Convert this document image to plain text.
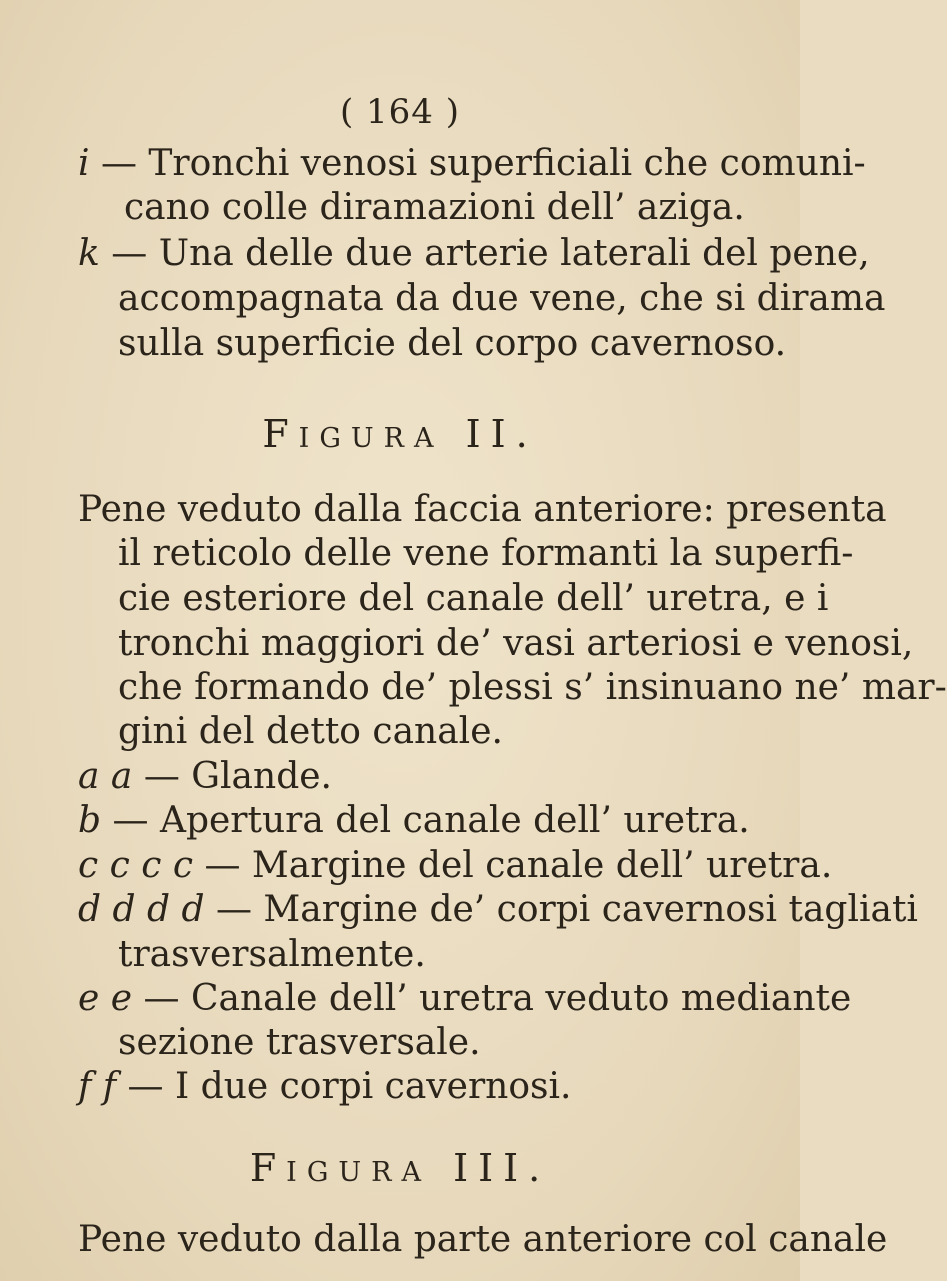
( 164 )
i — Tronchi venosi superficiali che comuni-
cano colle diramazioni dell’ aziga.
k — Una delle due arterie laterali del pene,
accompagnata da due vene, che si dirama
sulla superficie del corpo cavernoso.
Figura II.
Pene veduto dalla faccia anteriore: presenta
il reticolo delle vene formanti la superfi-
cie esteriore del canale dell’ uretra, e i
tronchi maggiori de’ vasi arteriosi e venosi,
che formando de’ plessi s’ insinuano ne’ mar-
gini del detto canale.
a a — Glande.
b — Apertura del canale dell’ uretra.
c c c c — Margine del canale dell’ uretra.
d d d d — Margine de’ corpi cavernosi tagliati
trasversalmente.
e e — Canale dell’ uretra veduto mediante
sezione trasversale.
f f — I due corpi cavernosi.
Figura III.
Pene veduto dalla parte anteriore col canale
